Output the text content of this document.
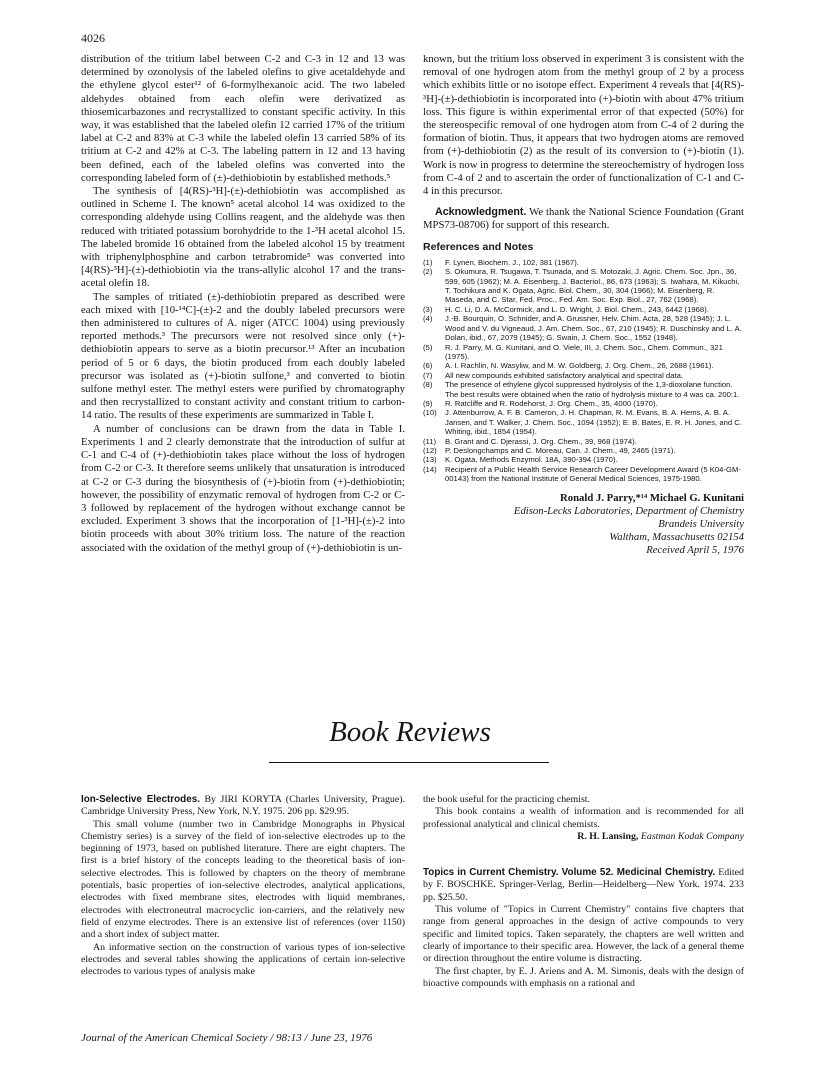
4026

distribution of the tritium label between C-2 and C-3 in 12 and 13 was determined by ozonolysis of the labeled olefins to give acetaldehyde and the ethylene glycol ester¹² of 6-formylhexanoic acid. The two labeled aldehydes obtained from each olefin were derivatized as thiosemicarbazones and recrystallized to constant specific activity. In this way, it was established that the labeled olefin 12 carried 17% of the tritium label at C-2 and 83% at C-3 while the labeled olefin 13 carried 58% of its tritium at C-2 and 42% at C-3. The labeling pattern in 12 and 13 having been defined, each of the labeled olefins was converted into the corresponding labeled form of (±)-dethiobiotin by established methods.⁵

The synthesis of [4(RS)-³H]-(±)-dethiobiotin was accomplished as outlined in Scheme I. The known⁵ acetal alcohol 14 was oxidized to the corresponding aldehyde using Collins reagent, and the aldehyde was then reduced with tritiated potassium borohydride to the 1-³H acetal alcohol 15. The labeled bromide 16 obtained from the labeled alcohol 15 by treatment with triphenylphosphine and carbon tetrabromide⁵ was converted into [4(RS)-³H]-(±)-dethiobiotin via the trans-allylic alcohol 17 and the trans-acetal olefin 18.

The samples of tritiated (±)-dethiobiotin prepared as described were each mixed with [10-¹⁴C]-(±)-2 and the doubly labeled precursors were then administered to cultures of A. niger (ATCC 1004) using previously reported methods.³ The precursors were not resolved since only (+)-dethiobiotin appears to serve as a biotin precursor.¹³ After an incubation period of 5 or 6 days, the biotin produced from each doubly labeled precursor was isolated as (+)-biotin sulfone,³ and converted to biotin sulfone methyl ester. The methyl esters were purified by chromatography and then recrystallized to constant activity and constant tritium to carbon-14 ratio. The results of these experiments are summarized in Table I.

A number of conclusions can be drawn from the data in Table I. Experiments 1 and 2 clearly demonstrate that the introduction of sulfur at C-1 and C-4 of (+)-dethiobiotin takes place without the loss of hydrogen from C-2 or C-3. It therefore seems unlikely that unsaturation is introduced at C-2 or C-3 during the biosynthesis of (+)-biotin from (+)-dethiobiotin; however, the possibility of enzymatic removal of hydrogen from C-2 or C-3 followed by replacement of the hydrogen without exchange cannot be excluded. Experiment 3 shows that the incorporation of [1-³H]-(±)-2 into biotin proceeds with about 30% tritium loss. The nature of the reaction associated with the oxidation of the methyl group of (+)-dethiobiotin is un-

known, but the tritium loss observed in experiment 3 is consistent with the removal of one hydrogen atom from the methyl group of 2 by a process which exhibits little or no isotope effect. Experiment 4 reveals that [4(RS)-³H]-(±)-dethiobiotin is incorporated into (+)-biotin with about 47% tritium loss. This figure is within experimental error of that expected (50%) for the stereospecific removal of one hydrogen atom from C-4 of 2 during the formation of biotin. Thus, it appears that two hydrogen atoms are removed from (+)-dethiobiotin (2) as the result of its conversion to (+)-biotin (1). Work is now in progress to determine the stereochemistry of hydrogen loss from C-4 of 2 and to ascertain the order of functionalization of C-1 and C-4 in this precursor.

Acknowledgment. We thank the National Science Foundation (Grant MPS73-08706) for support of this research.
References and Notes
(1) F. Lynen, Biochem. J., 102, 381 (1967).
(2) S. Okumura, R. Tsugawa, T. Tsunada, and S. Motozaki, J. Agric. Chem. Soc. Jpn., 36, 599, 605 (1962); M. A. Eisenberg, J. Bacteriol., 86, 673 (1963); S. Iwahara, M. Kikuchi, T. Tochikura and K. Ogata, Agric. Biol. Chem., 30, 304 (1966); M. Eisenberg, R. Maseda, and C. Star, Fed. Proc., Fed. Am. Soc. Exp. Biol., 27, 762 (1968).
(3) H. C. Li, D. A. McCormick, and L. D. Wright, J. Biol. Chem., 243, 6442 (1968).
(4) J.-B. Bourquin, O. Schnider, and A. Grussner, Helv. Chim. Acta, 28, 528 (1945); J. L. Wood and V. du Vigneaud, J. Am. Chem. Soc., 67, 210 (1945); R. Duschinsky and L. A. Dolan, ibid., 67, 2079 (1945); G. Swain, J. Chem. Soc., 1552 (1948).
(5) R. J. Parry, M. G. Kunitani, and O. Viele, III, J. Chem. Soc., Chem. Commun., 321 (1975).
(6) A. I. Rachlin, N. Wasyliw, and M. W. Goldberg, J. Org. Chem., 26, 2688 (1961).
(7) All new compounds exhibited satisfactory analytical and spectral data.
(8) The presence of ethylene glycol suppressed hydrolysis of the 1,3-dioxolane function. The best results were obtained when the ratio of hydrolysis mixture to 4 was ca. 200:1.
(9) R. Ratcliffe and R. Rodehorst, J. Org. Chem., 35, 4000 (1970).
(10) J. Attenburrow, A. F. B. Cameron, J. H. Chapman, R. M. Evans, B. A. Hems, A. B. A. Jansen, and T. Walker, J. Chem. Soc., 1094 (1952); E. B. Bates, E. R. H. Jones, and C. Whiting, ibid., 1854 (1954).
(11) B. Grant and C. Djerassi, J. Org. Chem., 39, 968 (1974).
(12) P. Deslongchamps and C. Moreau, Can. J. Chem., 49, 2465 (1971).
(13) K. Ogata, Methods Enzymol. 18A, 390-394 (1970).
(14) Recipient of a Public Health Service Research Career Development Award (5 K04-GM-00143) from the National Institute of General Medical Sciences, 1975-1980.
Ronald J. Parry,*¹⁴ Michael G. Kunitani
Edison-Lecks Laboratories, Department of Chemistry
Brandeis University
Waltham, Massachusetts 02154
Received April 5, 1976
Book Reviews

Ion-Selective Electrodes. By JIRI KORYTA (Charles University, Prague). Cambridge University Press, New York, N.Y. 1975. 206 pp. $29.95.

This small volume (number two in Cambridge Monographs in Physical Chemistry series) is a survey of the field of ion-selective electrodes up to the beginning of 1973, based on published literature. There are eight chapters. The first is a brief history of the concepts leading to the theoretical basis of ion-selective electrodes. This is followed by chapters on the theory of membrane potentials, basic properties of ion-selective electrodes, analytical applications, electrodes with fixed membrane sites, electrodes with liquid membranes, electrodes with electroneutral macrocyclic ion-carriers, and the relatively new field of enzyme electrodes. There is an extensive list of references (over 1150) and a short index of subject matter.

An informative section on the construction of various types of ion-selective electrodes and several tables showing the applications of certain ion-selective electrodes to various types of analysis make

the book useful for the practicing chemist.

This book contains a wealth of information and is recommended for all professional analytical and clinical chemists.

R. H. Lansing, Eastman Kodak Company

Topics in Current Chemistry. Volume 52. Medicinal Chemistry. Edited by F. BOSCHKE. Springer-Verlag, Berlin—Heidelberg—New York. 1974. 233 pp. $25.50.

This volume of "Topics in Current Chemistry" contains five chapters that range from general approaches in the design of active compounds to very specific and limited topics. Taken separately, the chapters are well written and clearly of importance to their specific area. However, the lack of a general theme or direction throughout the entire volume is distracting.

The first chapter, by E. J. Ariens and A. M. Simonis, deals with the design of bioactive compounds with emphasis on a rational and

Journal of the American Chemical Society / 98:13 / June 23, 1976
